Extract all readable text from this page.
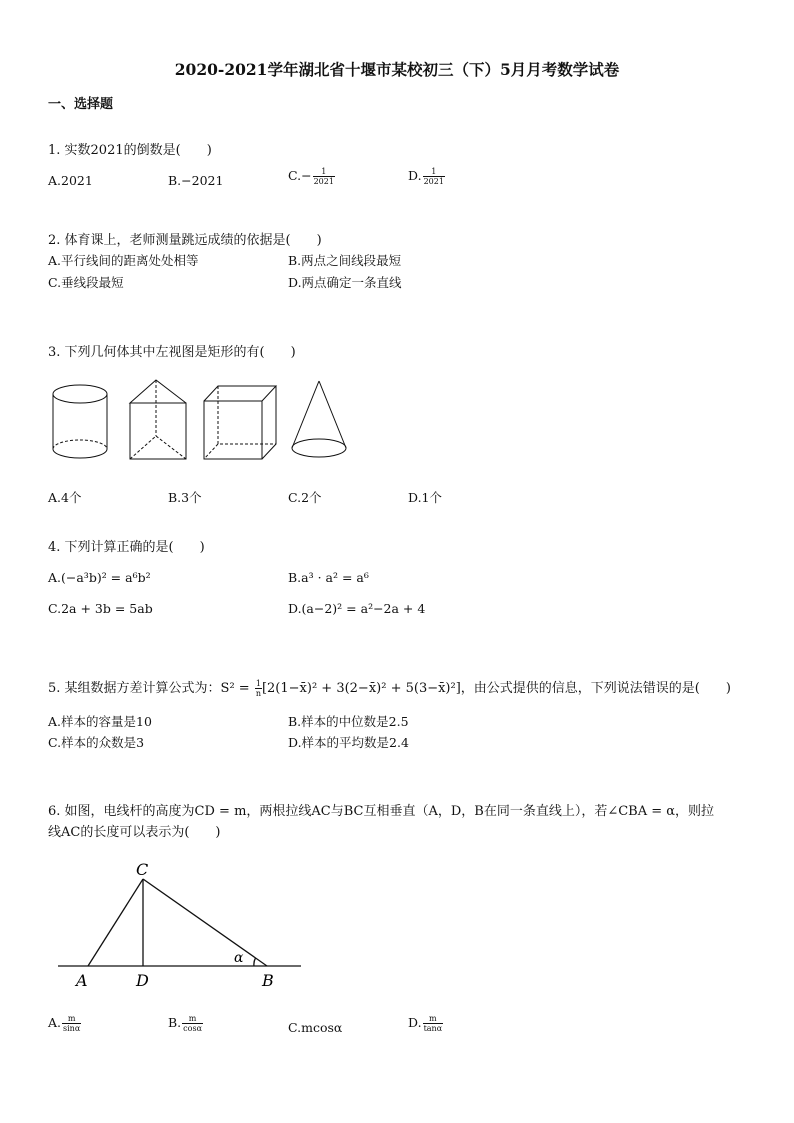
2020-2021学年湖北省十堰市某校初三（下）5月月考数学试卷
一、选择题
1. 实数2021的倒数是(　　)
A.2021	B.−2021	$C.- \frac{1}{2021}$	D. $\frac{1}{2021}$
2. 体育课上，老师测量跳远成绩的依据是(　　)
A.平行线间的距离处处相等	B.两点之间线段最短
C.垂线段最短	D.两点确定一条直线
3. 下列几何体其中左视图是矩形的有(　　)
A.4个	B.3个	C.2个	D.1个
4. 下列计算正确的是(　　)
A.(−a³b)² = a⁶b²	B.a³ · a² = a⁶
C.2a + 3b = 5ab	D.(a−2)² = a²−2a + 4
5. 某组数据方差计算公式为：$S^2 = \frac{1}{n}$ [2(1−x̄)² + 3(2−x̄)² + 5(3−x̄)²]，由公式提供的信息，下列说法错误的是(　　)
A.样本的容量是10	B.样本的中位数是2.5
C.样本的众数是3	D.样本的平均数是2.4
6. 如图，电线杆的高度为CD = m，两根拉线AC与BC互相垂直（A，D，B在同一条直线上），若∠CBA = α，则拉
线AC的长度可以表示为(　　)
C
A	D	B
α
A. $\frac{m}{\sin\alpha}$	B. $\frac{m}{\cos\alpha}$	C.mcosα	D. $\frac{m}{\tan\alpha}$
